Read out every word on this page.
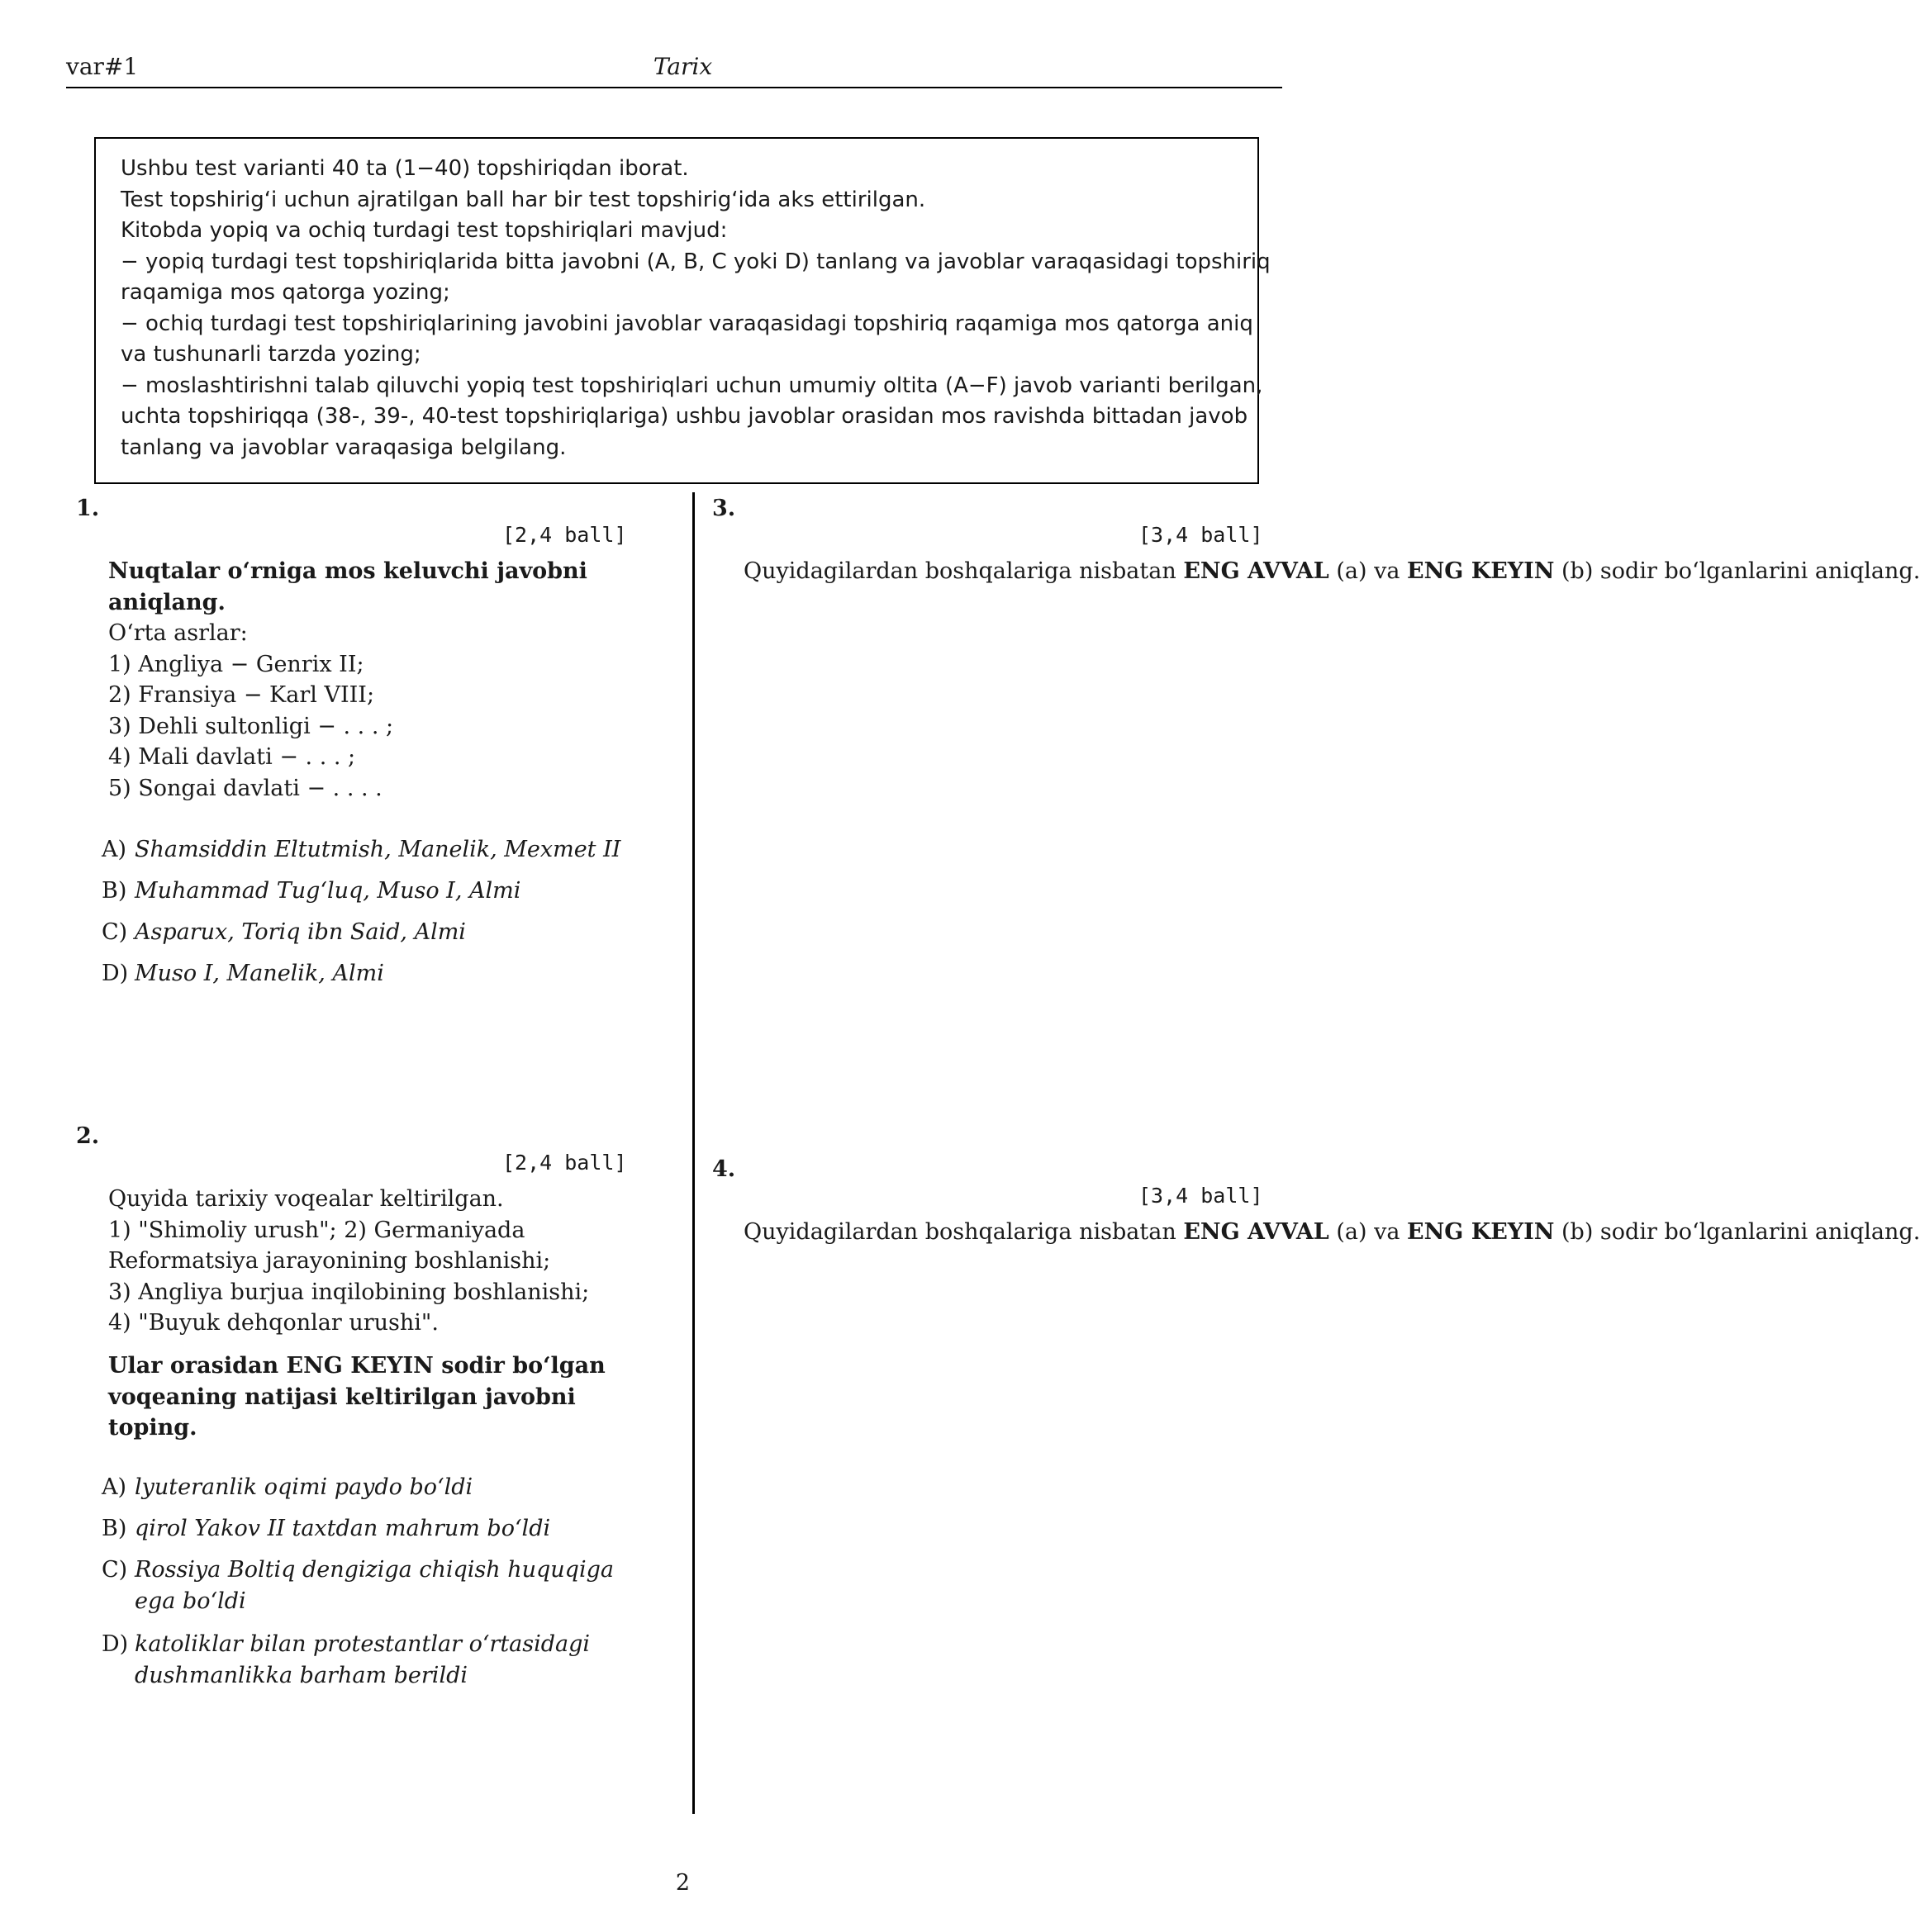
var#1	Tarix
Ushbu test varianti 40 ta (1−40) topshiriqdan iborat.
Test topshirig‘i uchun ajratilgan ball har bir test topshirig‘ida aks ettirilgan.
Kitobda yopiq va ochiq turdagi test topshiriqlari mavjud:
− yopiq turdagi test topshiriqlarida bitta javobni (A, B, C yoki D) tanlang va javoblar varaqasidagi topshiriq
raqamiga mos qatorga yozing;
− ochiq turdagi test topshiriqlarining javobini javoblar varaqasidagi topshiriq raqamiga mos qatorga aniq
va tushunarli tarzda yozing;
− moslashtirishni talab qiluvchi yopiq test topshiriqlari uchun umumiy oltita (A−F) javob varianti berilgan,
uchta topshiriqqa (38-, 39-, 40-test topshiriqlariga) ushbu javoblar orasidan mos ravishda bittadan javob
tanlang va javoblar varaqasiga belgilang.
1.
[2,4 ball]
Nuqtalar o‘rniga mos keluvchi javobni
aniqlang.
O‘rta asrlar:
1) Angliya − Genrix II;
2) Fransiya − Karl VIII;
3) Dehli sultonligi − . . . ;
4) Mali davlati − . . . ;
5) Songai davlati − . . . .
A) Shamsiddin Eltutmish, Manelik, Mexmet II
B) Muhammad Tug‘luq, Muso I, Almi
C) Asparux, Toriq ibn Said, Almi
D) Muso I, Manelik, Almi
2.
[2,4 ball]
Quyida tarixiy voqealar keltirilgan.
1) "Shimoliy urush"; 2) Germaniyada
Reformatsiya jarayonining boshlanishi;
3) Angliya burjua inqilobining boshlanishi;
4) "Buyuk dehqonlar urushi".
Ular orasidan ENG KEYIN sodir bo‘lgan
voqeaning natijasi keltirilgan javobni
toping.
A) lyuteranlik oqimi paydo bo‘ldi
B) qirol Yakov II taxtdan mahrum bo‘ldi
C) Rossiya Boltiq dengiziga chiqish huquqiga
ega bo‘ldi
D) katoliklar bilan protestantlar o‘rtasidagi
dushmanlikka barham berildi
3.
[3,4 ball]
Quyidagilardan boshqalariga nisbatan ENG AVVAL (a) va ENG KEYIN (b) sodir bo‘lganlarini aniqlang.
4.
[3,4 ball]
Quyidagilardan boshqalariga nisbatan ENG AVVAL (a) va ENG KEYIN (b) sodir bo‘lganlarini aniqlang.
2
